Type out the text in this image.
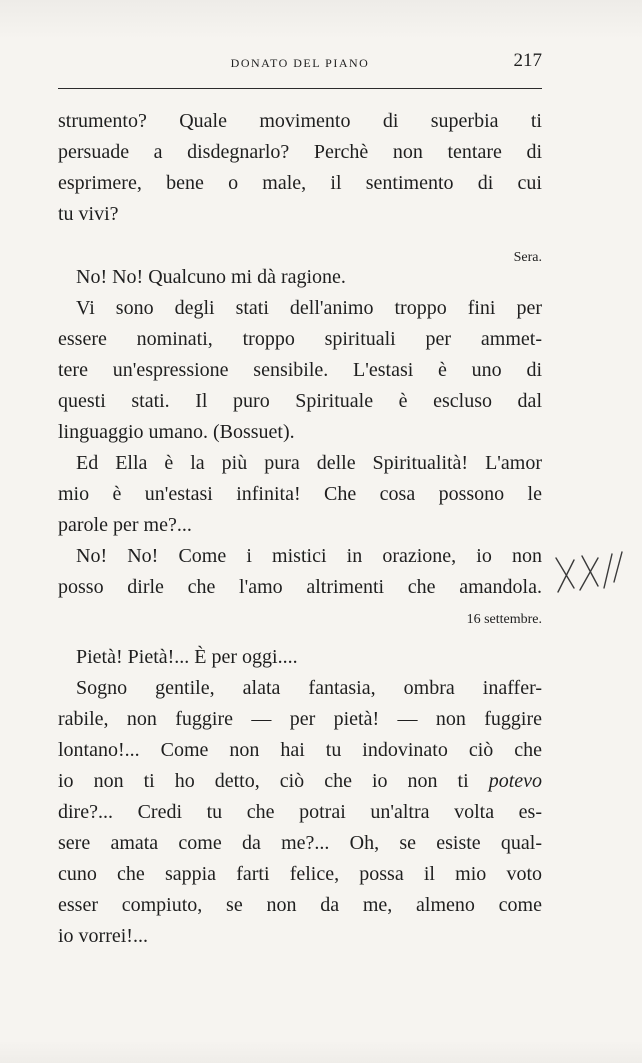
DONATO DEL PIANO	217
strumento? Quale movimento di superbia ti
persuade a disdegnarlo? Perchè non tentare di
esprimere, bene o male, il sentimento di cui
tu vivi?
Sera.
No! No! Qualcuno mi dà ragione.
Vi sono degli stati dell'animo troppo fini per
essere nominati, troppo spirituali per ammet-
tere un'espressione sensibile. L'estasi è uno di
questi stati. Il puro Spirituale è escluso dal
linguaggio umano. (Bossuet).
Ed Ella è la più pura delle Spiritualità! L'amor
mio è un'estasi infinita! Che cosa possono le
parole per me?...
No! No! Come i mistici in orazione, io non
posso dirle che l'amo altrimenti che amandola.
16 settembre.
Pietà! Pietà!... È per oggi....
Sogno gentile, alata fantasia, ombra inaffer-
rabile, non fuggire — per pietà! — non fuggire
lontano!... Come non hai tu indovinato ciò che
io non ti ho detto, ciò che io non ti potevo
dire?... Credi tu che potrai un'altra volta es-
sere amata come da me?... Oh, se esiste qual-
cuno che sappia farti felice, possa il mio voto
esser compiuto, se non da me, almeno come
io vorrei!...
